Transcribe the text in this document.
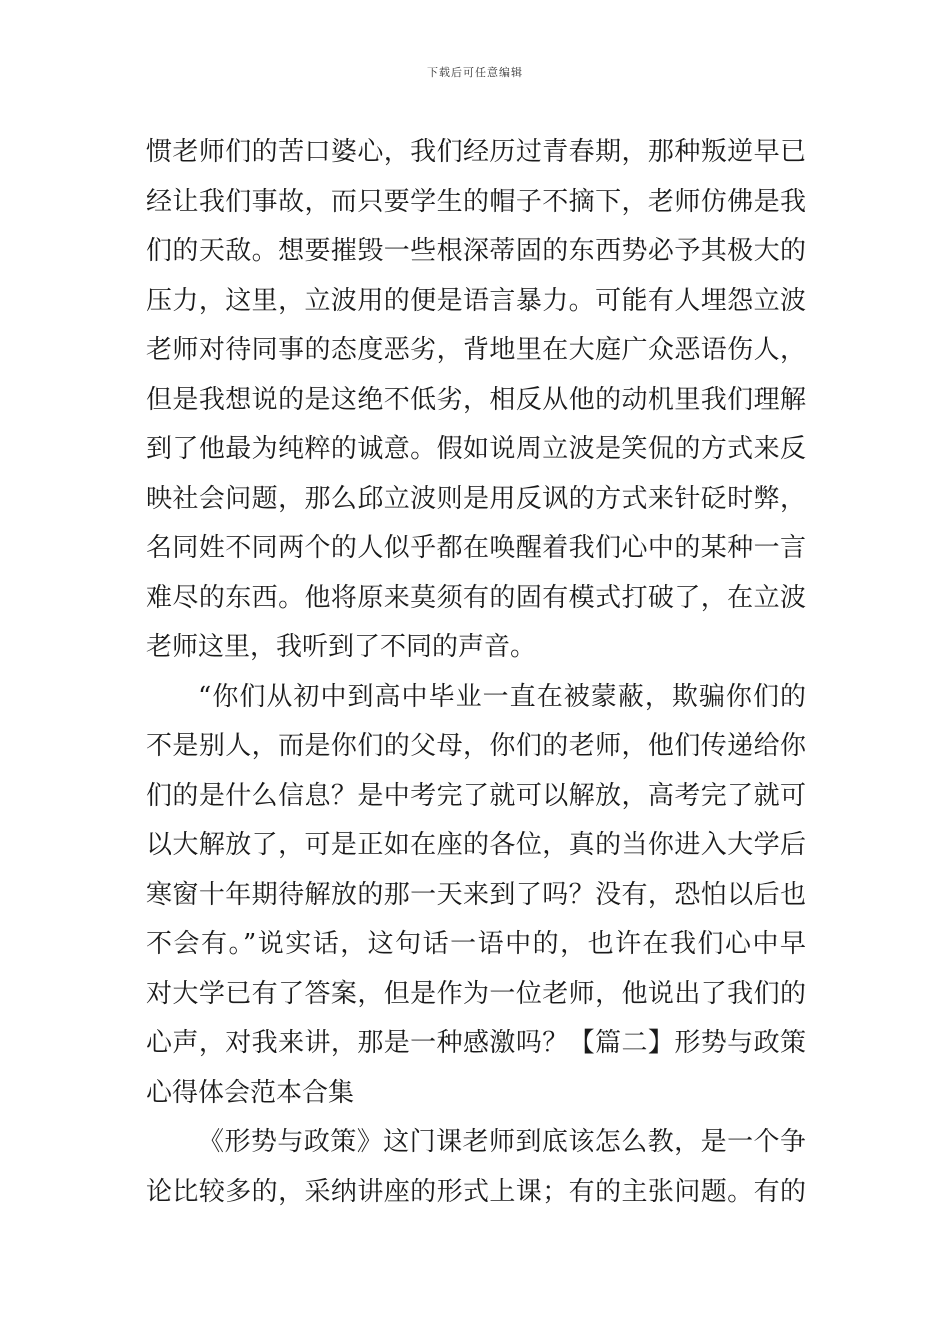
下载后可任意编辑
惯老师们的苦口婆心，我们经历过青春期，那种叛逆早已
经让我们事故，而只要学生的帽子不摘下，老师仿佛是我
们的天敌。想要摧毁一些根深蒂固的东西势必予其极大的
压力，这里，立波用的便是语言暴力。可能有人埋怨立波
老师对待同事的态度恶劣，背地里在大庭广众恶语伤人，
但是我想说的是这绝不低劣，相反从他的动机里我们理解
到了他最为纯粹的诚意。假如说周立波是笑侃的方式来反
映社会问题，那么邱立波则是用反讽的方式来针砭时弊，
名同姓不同两个的人似乎都在唤醒着我们心中的某种一言
难尽的东西。他将原来莫须有的固有模式打破了，在立波
老师这里，我听到了不同的声音。
“你们从初中到高中毕业一直在被蒙蔽，欺骗你们的
不是别人，而是你们的父母，你们的老师，他们传递给你
们的是什么信息？是中考完了就可以解放，高考完了就可
以大解放了，可是正如在座的各位，真的当你进入大学后
寒窗十年期待解放的那一天来到了吗？没有，恐怕以后也
不会有。”说实话，这句话一语中的，也许在我们心中早
对大学已有了答案，但是作为一位老师，他说出了我们的
心声，对我来讲，那是一种感激吗？【篇二】形势与政策
心得体会范本合集
《形势与政策》这门课老师到底该怎么教，是一个争
论比较多的，采纳讲座的形式上课；有的主张问题。有的
